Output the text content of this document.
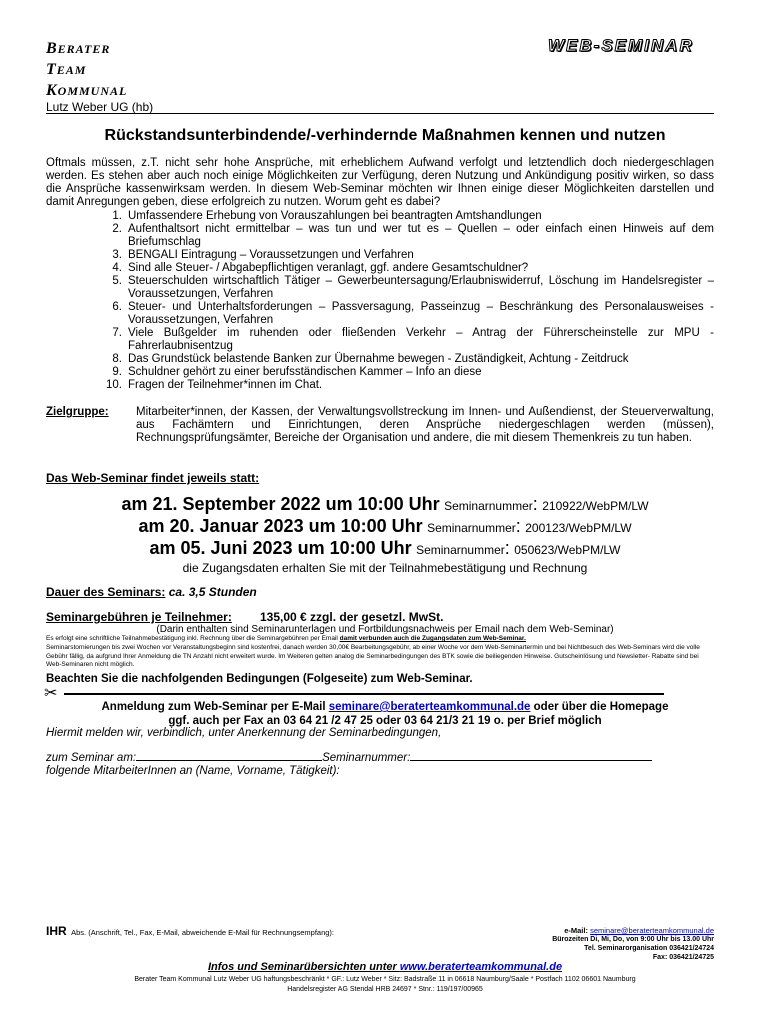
BERATER
TEAM
KOMMUNAL
WEB-SEMINAR
Lutz Weber UG (hb)
Rückstandsunterbindende/-verhindernde Maßnahmen kennen und nutzen
Oftmals müssen, z.T. nicht sehr hohe Ansprüche, mit erheblichem Aufwand verfolgt und letztendlich doch niedergeschlagen werden. Es stehen aber auch noch einige Möglichkeiten zur Verfügung, deren Nutzung und Ankündigung positiv wirken, so dass die Ansprüche kassenwirksam werden. In diesem Web-Seminar möchten wir Ihnen einige dieser Möglichkeiten darstellen und damit Anregungen geben, diese erfolgreich zu nutzen. Worum geht es dabei?
1. Umfassendere Erhebung von Vorauszahlungen bei beantragten Amtshandlungen
2. Aufenthaltsort nicht ermittelbar – was tun und wer tut es – Quellen – oder einfach einen Hinweis auf dem Briefumschlag
3. BENGALI Eintragung – Voraussetzungen und Verfahren
4. Sind alle Steuer- / Abgabepflichtigen veranlagt, ggf. andere Gesamtschuldner?
5. Steuerschulden wirtschaftlich Tätiger – Gewerbeuntersagung/Erlaubniswiderruf, Löschung im Handelsregister – Voraussetzungen, Verfahren
6. Steuer- und Unterhaltsforderungen – Passversagung, Passeinzug – Beschränkung des Personalausweises - Voraussetzungen, Verfahren
7. Viele Bußgelder im ruhenden oder fließenden Verkehr – Antrag der Führerscheinstelle zur MPU - Fahrerlaubnisentzug
8. Das Grundstück belastende Banken zur Übernahme bewegen - Zuständigkeit, Achtung - Zeitdruck
9. Schuldner gehört zu einer berufsständischen Kammer – Info an diese
10. Fragen der Teilnehmer*innen im Chat.
Zielgruppe: Mitarbeiter*innen, der Kassen, der Verwaltungsvollstreckung im Innen- und Außendienst, der Steuerverwaltung, aus Fachämtern und Einrichtungen, deren Ansprüche niedergeschlagen werden (müssen), Rechnungsprüfungsämter, Bereiche der Organisation und andere, die mit diesem Themenkreis zu tun haben.
Das Web-Seminar findet jeweils statt:
am 21. September 2022 um 10:00 Uhr Seminarnummer: 210922/WebPM/LW
am 20. Januar 2023 um 10:00 Uhr Seminarnummer: 200123/WebPM/LW
am 05. Juni 2023 um 10:00 Uhr Seminarnummer: 050623/WebPM/LW
die Zugangsdaten erhalten Sie mit der Teilnahmebestätigung und Rechnung
Dauer des Seminars: ca. 3,5 Stunden
Seminargebühren je Teilnehmer: 135,00 € zzgl. der gesetzl. MwSt.
(Darin enthalten sind Seminarunterlagen und Fortbildungsnachweis per Email nach dem Web-Seminar)
Es erfolgt eine schriftliche Teilnahmebestätigung inkl. Rechnung über die Seminargebühren per Email damit verbunden auch die Zugangsdaten zum Web-Seminar.
Seminarstornierungen bis zwei Wochen vor Veranstaltungsbeginn sind kostenfrei, danach werden 30,00€ Bearbeitungsgebühr, ab einer Woche vor dem Web-Seminartermin und bei Nichtbesuch des Web-Seminars wird die volle Gebühr fällig, da aufgrund Ihrer Anmeldung die TN Anzahl nicht erweitert wurde. Im Weiteren gelten analog die Seminarbedingungen des BTK sowie die beiliegenden Hinweise. Gutscheinlösung und Newsletter- Rabatte sind bei Web-Seminaren nicht möglich.
Beachten Sie die nachfolgenden Bedingungen (Folgeseite) zum Web-Seminar.
✂
Anmeldung zum Web-Seminar per E-Mail seminare@beraterteamkommunal.de oder über die Homepage
ggf. auch per Fax an 03 64 21 /2 47 25 oder 03 64 21/3 21 19 o. per Brief möglich
Hiermit melden wir, verbindlich, unter Anerkennung der Seminarbedingungen,
zum Seminar am:	Seminarnummer:
folgende MitarbeiterInnen an (Name, Vorname, Tätigkeit):
IHR Abs. (Anschrift, Tel., Fax, E-Mail, abweichende E-Mail für Rechnungsempfang):	e-Mail: seminare@beraterteamkommunal.de
Bürozeiten Di, Mi, Do, von 9:00 Uhr bis 13.00 Uhr
Tel. Seminarorganisation 036421/24724
Fax: 036421/24725
Infos und Seminarübersichten unter www.beraterteamkommunal.de
Berater Team Kommunal Lutz Weber UG haftungsbeschränkt * GF.: Lutz Weber * Sitz: Badstraße 11 in 06618 Naumburg/Saale * Postfach 1102 06601 Naumburg
Handelsregister AG Stendal HRB 24697 * Stnr.: 119/197/00965
